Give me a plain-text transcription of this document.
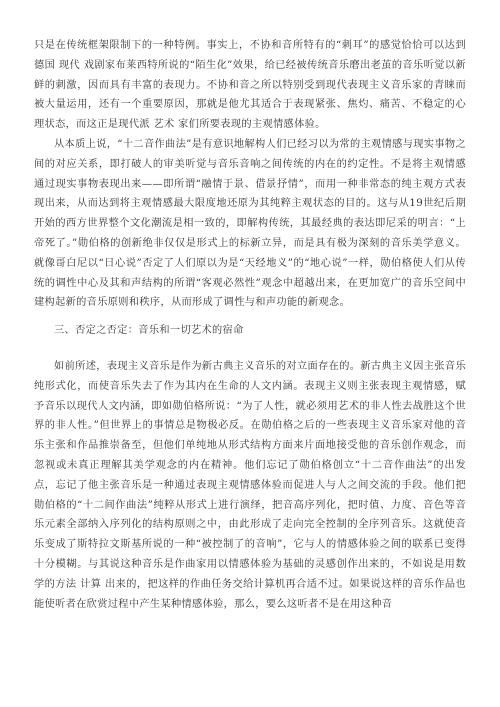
只是在传统框架限制下的一种特例。事实上，不协和音所特有的“刺耳”的感觉恰恰可以达到德国 现代 戏剧家布莱西特所说的“陌生化”效果，给已经被传统音乐磨出老茧的音乐听觉以新鲜的刺激，因而具有丰富的表现力。不协和音之所以特别受到现代表现主义音乐家的青睐而被大量运用，还有一个重要原因，那就是他尤其适合于表现紧张、焦灼、痛苦、不稳定的心理状态，而这正是现代派 艺术 家们所要表现的主观情感体验。

从本质上说，“十二音作曲法”是有意识地解构人们已经习以为常的主观情感与现实事物之间的对应关系，即打破人的审美听觉与音乐音响之间传统的内在的约定性。不是将主观情感通过现实事物表现出来——即所谓“融情于景、借景抒情”，而用一种非常态的纯主观方式表现出来，从而达到将主观情感最大限度地还原为其纯粹主观状态的目的。这与从19世纪后期开始的西方世界整个文化潮流是相一致的，即解构传统，其最经典的表达即尼采的明言：“上帝死了。”勋伯格的创新绝非仅仅是形式上的标新立异，而是具有极为深刻的音乐美学意义。就像哥白尼以“日心说”否定了人们原以为是“天经地义”的“地心说”一样，勋伯格使人们从传统的调性中心及其和声结构的所谓“客观必然性”观念中超越出来，在更加宽广的音乐空间中建构起新的音乐原则和秩序，从而形成了调性与和声功能的新观念。

三、否定之否定：音乐和一切艺术的宿命

如前所述，表现主义音乐是作为新古典主义音乐的对立面存在的。新古典主义因主张音乐纯形式化，而使音乐失去了作为其内在生命的人文内涵。表现主义则主张表现主观情感，赋予音乐以现代人文内涵，即如勋伯格所说：“为了人性，就必须用艺术的非人性去战胜这个世界的非人性。”但世界上的事情总是物极必反。在勋伯格之后的一些表现主义音乐家对他的音乐主张和作品推崇备至，但他们单纯地从形式结构方面来片面地接受他的音乐创作观念，而忽视或未真正理解其美学观念的内在精神。他们忘记了勋伯格创立“十二音作曲法”的出发点，忘记了他主张音乐是一种通过表现主观情感体验而促进人与人之间交流的手段。他们把勋伯格的“十二间作曲法”纯粹从形式上进行演绎，把音高序列化，把时值、力度、音色等音乐元素全部纳入序列化的结构原则之中，由此形成了走向完全控制的全序列音乐。这就使音乐变成了斯特拉文斯基所说的一种“被控制了的音响”，它与人的情感体验之间的联系已变得十分模糊。与其说这种音乐是作曲家用以情感体验为基础的灵感创作出来的，不如说是用数学的方法 计算 出来的，把这样的作曲任务交给计算机再合适不过。如果说这样的音乐作品也能使听者在欣赏过程中产生某种情感体验，那么，要么这听者不是在用这种音
